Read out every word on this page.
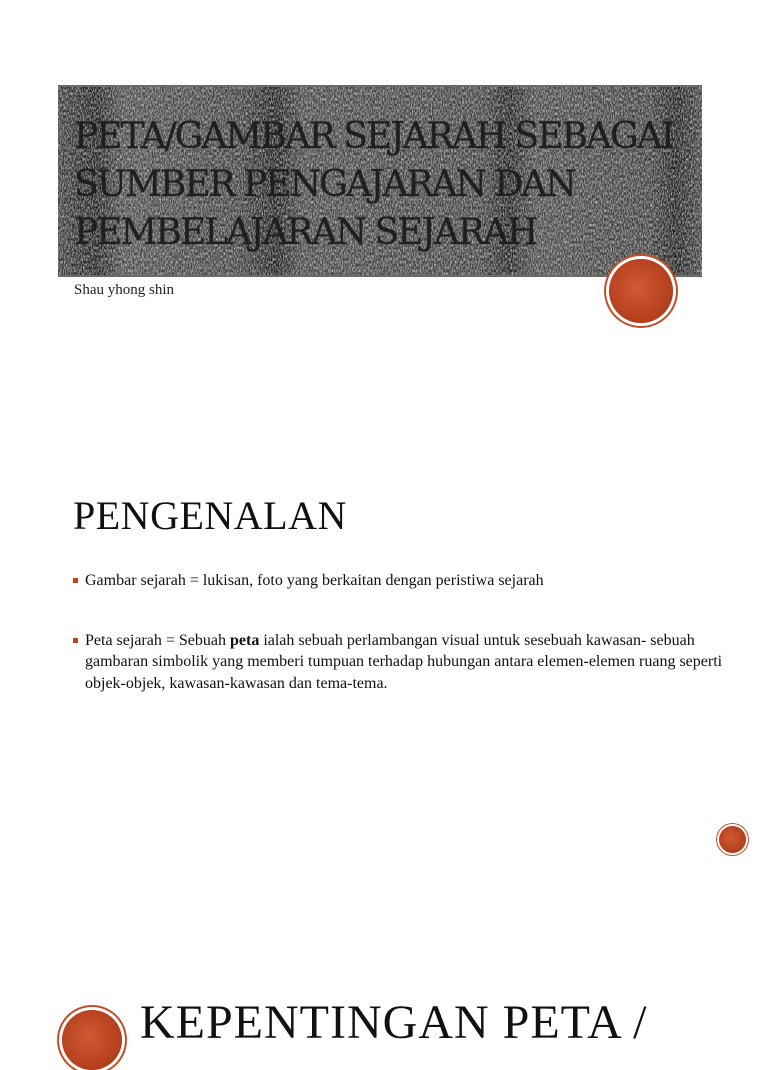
PETA/GAMBAR SEJARAH SEBAGAI SUMBER PENGAJARAN DAN PEMBELAJARAN SEJARAH
Shau yhong shin
PENGENALAN
Gambar sejarah = lukisan, foto yang berkaitan dengan peristiwa sejarah
Peta sejarah = Sebuah peta ialah sebuah perlambangan visual untuk sesebuah kawasan- sebuah gambaran simbolik yang memberi tumpuan terhadap hubungan antara elemen-elemen ruang seperti objek-objek, kawasan-kawasan dan tema-tema.
KEPENTINGAN PETA /
